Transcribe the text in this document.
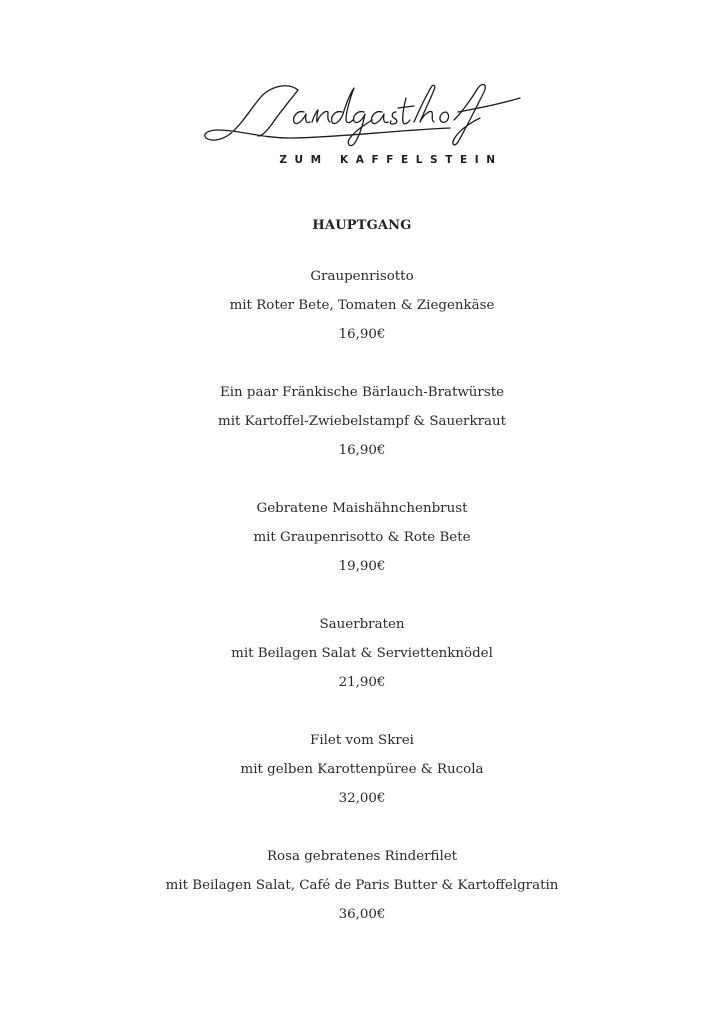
ZUM KAFFELSTEIN
HAUPTGANG
Graupenrisotto
mit Roter Bete, Tomaten & Ziegenkäse
16,90€
Ein paar Fränkische Bärlauch-Bratwürste
mit Kartoffel-Zwiebelstampf & Sauerkraut
16,90€
Gebratene Maishähnchenbrust
mit Graupenrisotto & Rote Bete
19,90€
Sauerbraten
mit Beilagen Salat & Serviettenknödel
21,90€
Filet vom Skrei
mit gelben Karottenpüree & Rucola
32,00€
Rosa gebratenes Rinderfilet
mit Beilagen Salat, Café de Paris Butter & Kartoffelgratin
36,00€
